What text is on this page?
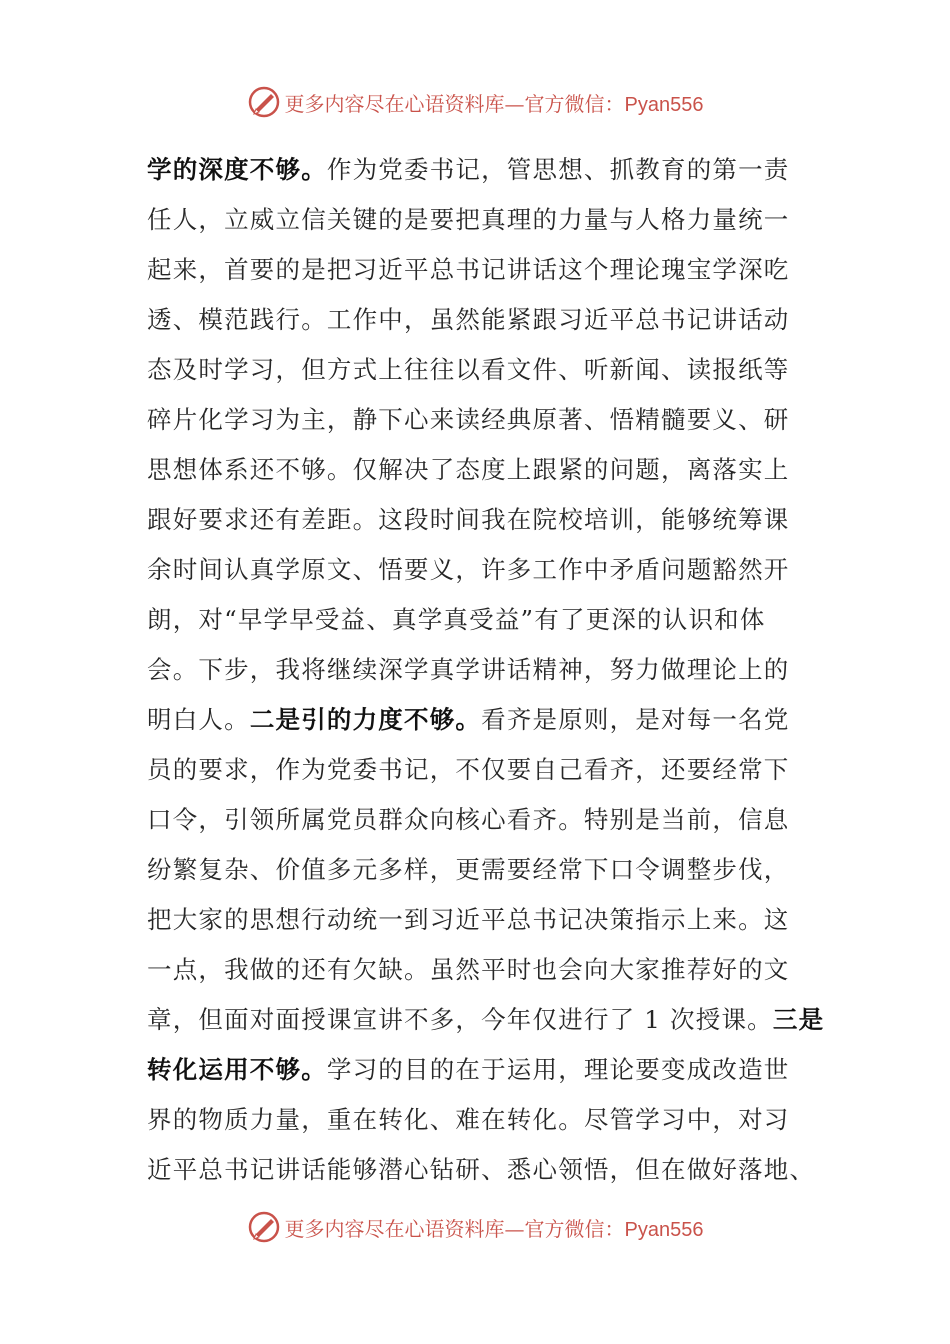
更多内容尽在心语资料库—官方微信：Pyan556
学的深度不够。作为党委书记，管思想、抓教育的第一责
任人，立威立信关键的是要把真理的力量与人格力量统一
起来，首要的是把习近平总书记讲话这个理论瑰宝学深吃
透、模范践行。工作中，虽然能紧跟习近平总书记讲话动
态及时学习，但方式上往往以看文件、听新闻、读报纸等
碎片化学习为主，静下心来读经典原著、悟精髓要义、研
思想体系还不够。仅解决了态度上跟紧的问题，离落实上
跟好要求还有差距。这段时间我在院校培训，能够统筹课
余时间认真学原文、悟要义，许多工作中矛盾问题豁然开
朗，对“早学早受益、真学真受益”有了更深的认识和体
会。下步，我将继续深学真学讲话精神，努力做理论上的
明白人。二是引的力度不够。看齐是原则，是对每一名党
员的要求，作为党委书记，不仅要自己看齐，还要经常下
口令，引领所属党员群众向核心看齐。特别是当前，信息
纷繁复杂、价值多元多样，更需要经常下口令调整步伐，
把大家的思想行动统一到习近平总书记决策指示上来。这
一点，我做的还有欠缺。虽然平时也会向大家推荐好的文
章，但面对面授课宣讲不多，今年仅进行了 1 次授课。三是
转化运用不够。学习的目的在于运用，理论要变成改造世
界的物质力量，重在转化、难在转化。尽管学习中，对习
近平总书记讲话能够潜心钻研、悉心领悟，但在做好落地、
更多内容尽在心语资料库—官方微信：Pyan556
